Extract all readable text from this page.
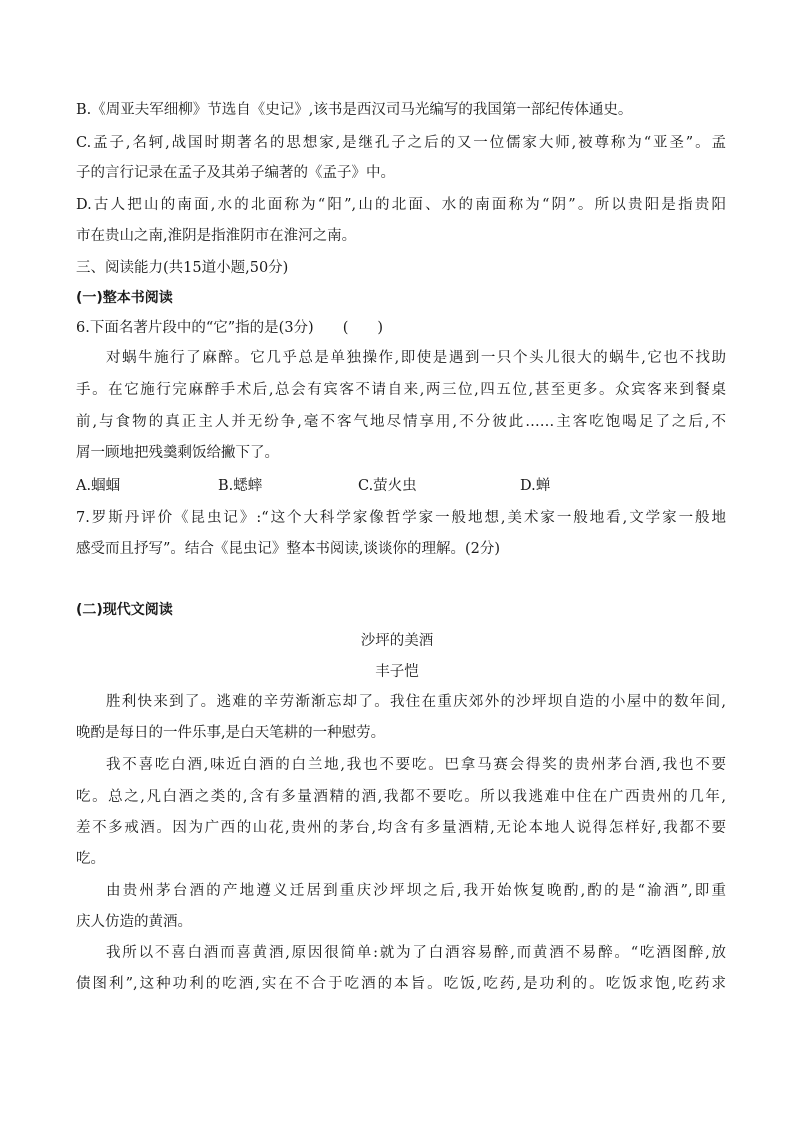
B.《周亚夫军细柳》节选自《史记》,该书是西汉司马光编写的我国第一部纪传体通史。
C.孟子,名轲,战国时期著名的思想家,是继孔子之后的又一位儒家大师,被尊称为“亚圣”。孟
子的言行记录在孟子及其弟子编著的《孟子》中。
D.古人把山的南面,水的北面称为“阳”,山的北面、水的南面称为“阴”。所以贵阳是指贵阳
市在贵山之南,淮阴是指淮阴市在淮河之南。
三、阅读能力(共15道小题,50分)
(一)整本书阅读
6.下面名著片段中的“它”指的是(3分)　　(　　)
对蜗牛施行了麻醉。它几乎总是单独操作,即使是遇到一只个头儿很大的蜗牛,它也不找助
手。在它施行完麻醉手术后,总会有宾客不请自来,两三位,四五位,甚至更多。众宾客来到餐桌
前,与食物的真正主人并无纷争,毫不客气地尽情享用,不分彼此……主客吃饱喝足了之后,不
屑一顾地把残羹剩饭给撇下了。
A.蝈蝈	B.蟋蟀	C.萤火虫	D.蝉
7.罗斯丹评价《昆虫记》:“这个大科学家像哲学家一般地想,美术家一般地看,文学家一般地
感受而且抒写”。结合《昆虫记》整本书阅读,谈谈你的理解。(2分)
(二)现代文阅读
沙坪的美酒
丰子恺
胜利快来到了。逃难的辛劳渐渐忘却了。我住在重庆郊外的沙坪坝自造的小屋中的数年间,
晚酌是每日的一件乐事,是白天笔耕的一种慰劳。
我不喜吃白酒,味近白酒的白兰地,我也不要吃。巴拿马赛会得奖的贵州茅台酒,我也不要
吃。总之,凡白酒之类的,含有多量酒精的酒,我都不要吃。所以我逃难中住在广西贵州的几年,
差不多戒酒。因为广西的山花,贵州的茅台,均含有多量酒精,无论本地人说得怎样好,我都不要
吃。
由贵州茅台酒的产地遵义迁居到重庆沙坪坝之后,我开始恢复晚酌,酌的是“渝酒”,即重
庆人仿造的黄酒。
我所以不喜白酒而喜黄酒,原因很简单:就为了白酒容易醉,而黄酒不易醉。“吃酒图醉,放
债图利”,这种功利的吃酒,实在不合于吃酒的本旨。吃饭,吃药,是功利的。吃饭求饱,吃药求
